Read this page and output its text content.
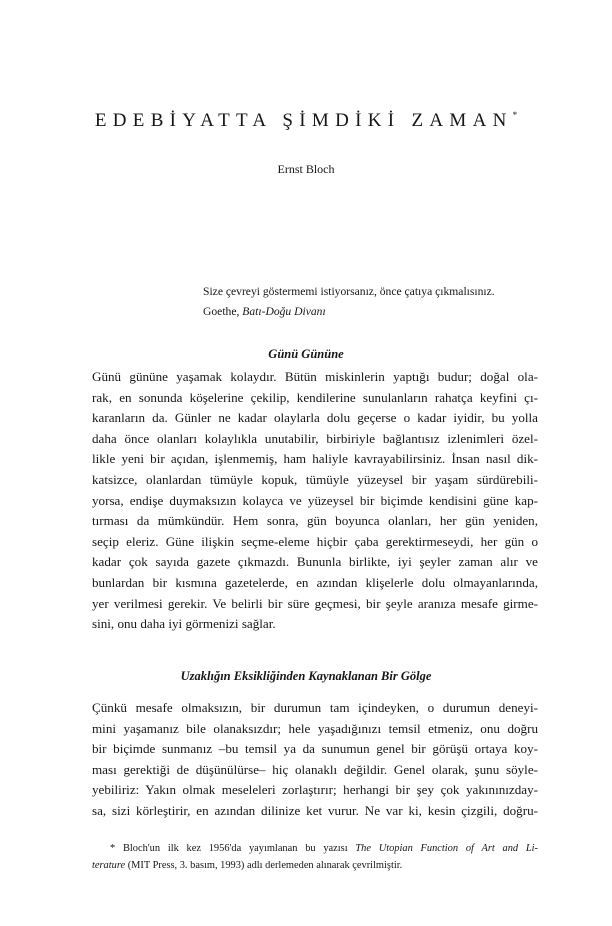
EDEBİYATTA ŞİMDİKİ ZAMAN*
Ernst Bloch

Size çevreyi göstermemi istiyorsanız, önce çatıya çıkmalısınız.

Goethe, Batı-Doğu Divanı

Günü Gününe
Günü gününe yaşamak kolaydır. Bütün miskinlerin yaptığı budur; doğal ola-
rak, en sonunda köşelerine çekilip, kendilerine sunulanların rahatça keyfini çı-
karanların da. Günler ne kadar olaylarla dolu geçerse o kadar iyidir, bu yolla
daha önce olanları kolaylıkla unutabilir, birbiriyle bağlantısız izlenimleri özel-
likle yeni bir açıdan, işlenmemiş, ham haliyle kavrayabilirsiniz. İnsan nasıl dik-
katsizce, olanlardan tümüyle kopuk, tümüyle yüzeysel bir yaşam sürdürebili-
yorsa, endişe duymaksızın kolayca ve yüzeysel bir biçimde kendisini güne kap-
tırması da mümkündür. Hem sonra, gün boyunca olanları, her gün yeniden,
seçip eleriz. Güne ilişkin seçme-eleme hiçbir çaba gerektirmeseydi, her gün o
kadar çok sayıda gazete çıkmazdı. Bununla birlikte, iyi şeyler zaman alır ve
bunlardan bir kısmına gazetelerde, en azından klişelerle dolu olmayanlarında,
yer verilmesi gerekir. Ve belirli bir süre geçmesi, bir şeyle aranıza mesafe girme-
sini, onu daha iyi görmenizi sağlar.
Uzaklığın Eksikliğinden Kaynaklanan Bir Gölge
Çünkü mesafe olmaksızın, bir durumun tam içindeyken, o durumun deneyi-
mini yaşamanız bile olanaksızdır; hele yaşadığınızı temsil etmeniz, onu doğru
bir biçimde sunmanız –bu temsil ya da sunumun genel bir görüşü ortaya koy-
ması gerektiği de düşünülürse– hiç olanaklı değildir. Genel olarak, şunu söyle-
yebiliriz: Yakın olmak meseleleri zorlaştırır; herhangi bir şey çok yakınınızday-
sa, sizi körleştirir, en azından dilinize ket vurur. Ne var ki, kesin çizgili, doğru-
* Bloch'un ilk kez 1956'da yayımlanan bu yazısı The Utopian Function of Art and Li-
terature (MIT Press, 3. basım, 1993) adlı derlemeden alınarak çevrilmiştir.
